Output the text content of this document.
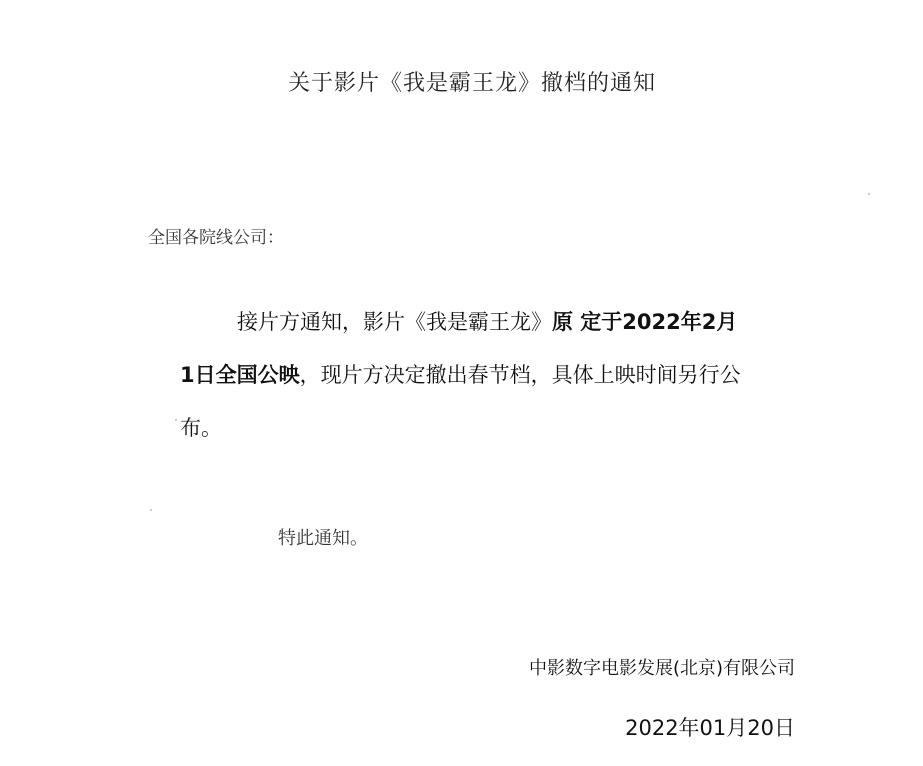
关于影片《我是霸王龙》撤档的通知
全国各院线公司：
接片方通知，影片《我是霸王龙》原 定于2022年2月
1日全国公映，现片方决定撤出春节档，具体上映时间另行公
布。
特此通知。
中影数字电影发展(北京)有限公司
2022年01月20日
